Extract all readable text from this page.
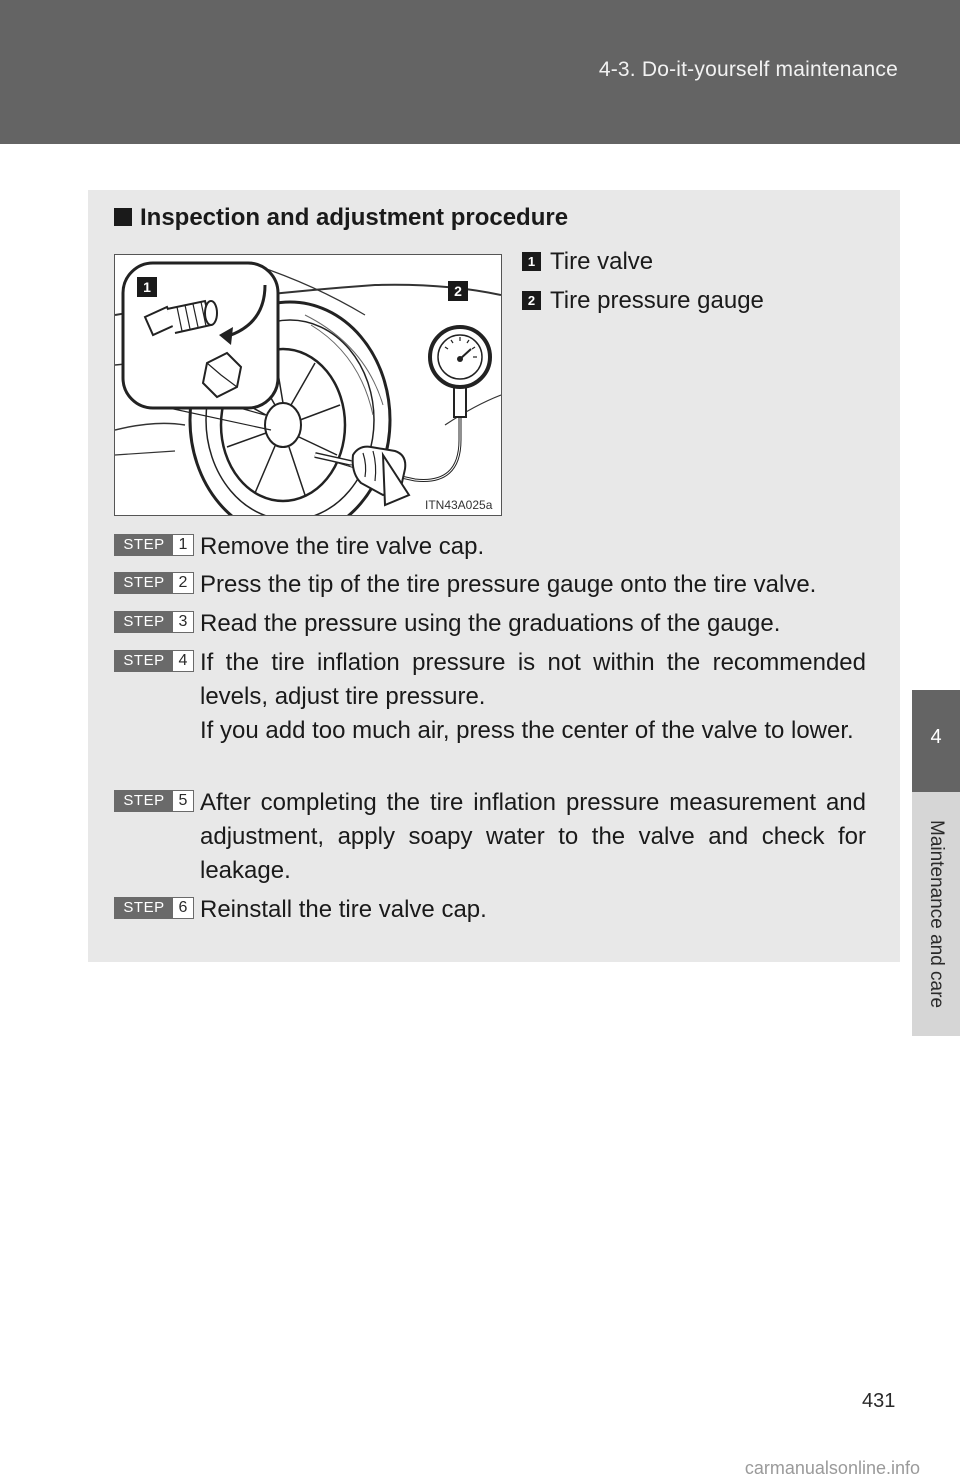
4-3. Do-it-yourself maintenance
4
Maintenance and care
Inspection and adjustment procedure
1	2
ITN43A025a
1 Tire valve
2 Tire pressure gauge
STEP 1 Remove the tire valve cap.

STEP 2 Press the tip of the tire pressure gauge onto the tire valve.

STEP 3 Read the pressure using the graduations of the gauge.

STEP 4 If the tire inflation pressure is not within the recommended levels, adjust tire pressure.

If you add too much air, press the center of the valve to lower.

STEP 5 After completing the tire inflation pressure measurement and adjustment, apply soapy water to the valve and check for leakage.

STEP 6 Reinstall the tire valve cap.

431
carmanualsonline.info
